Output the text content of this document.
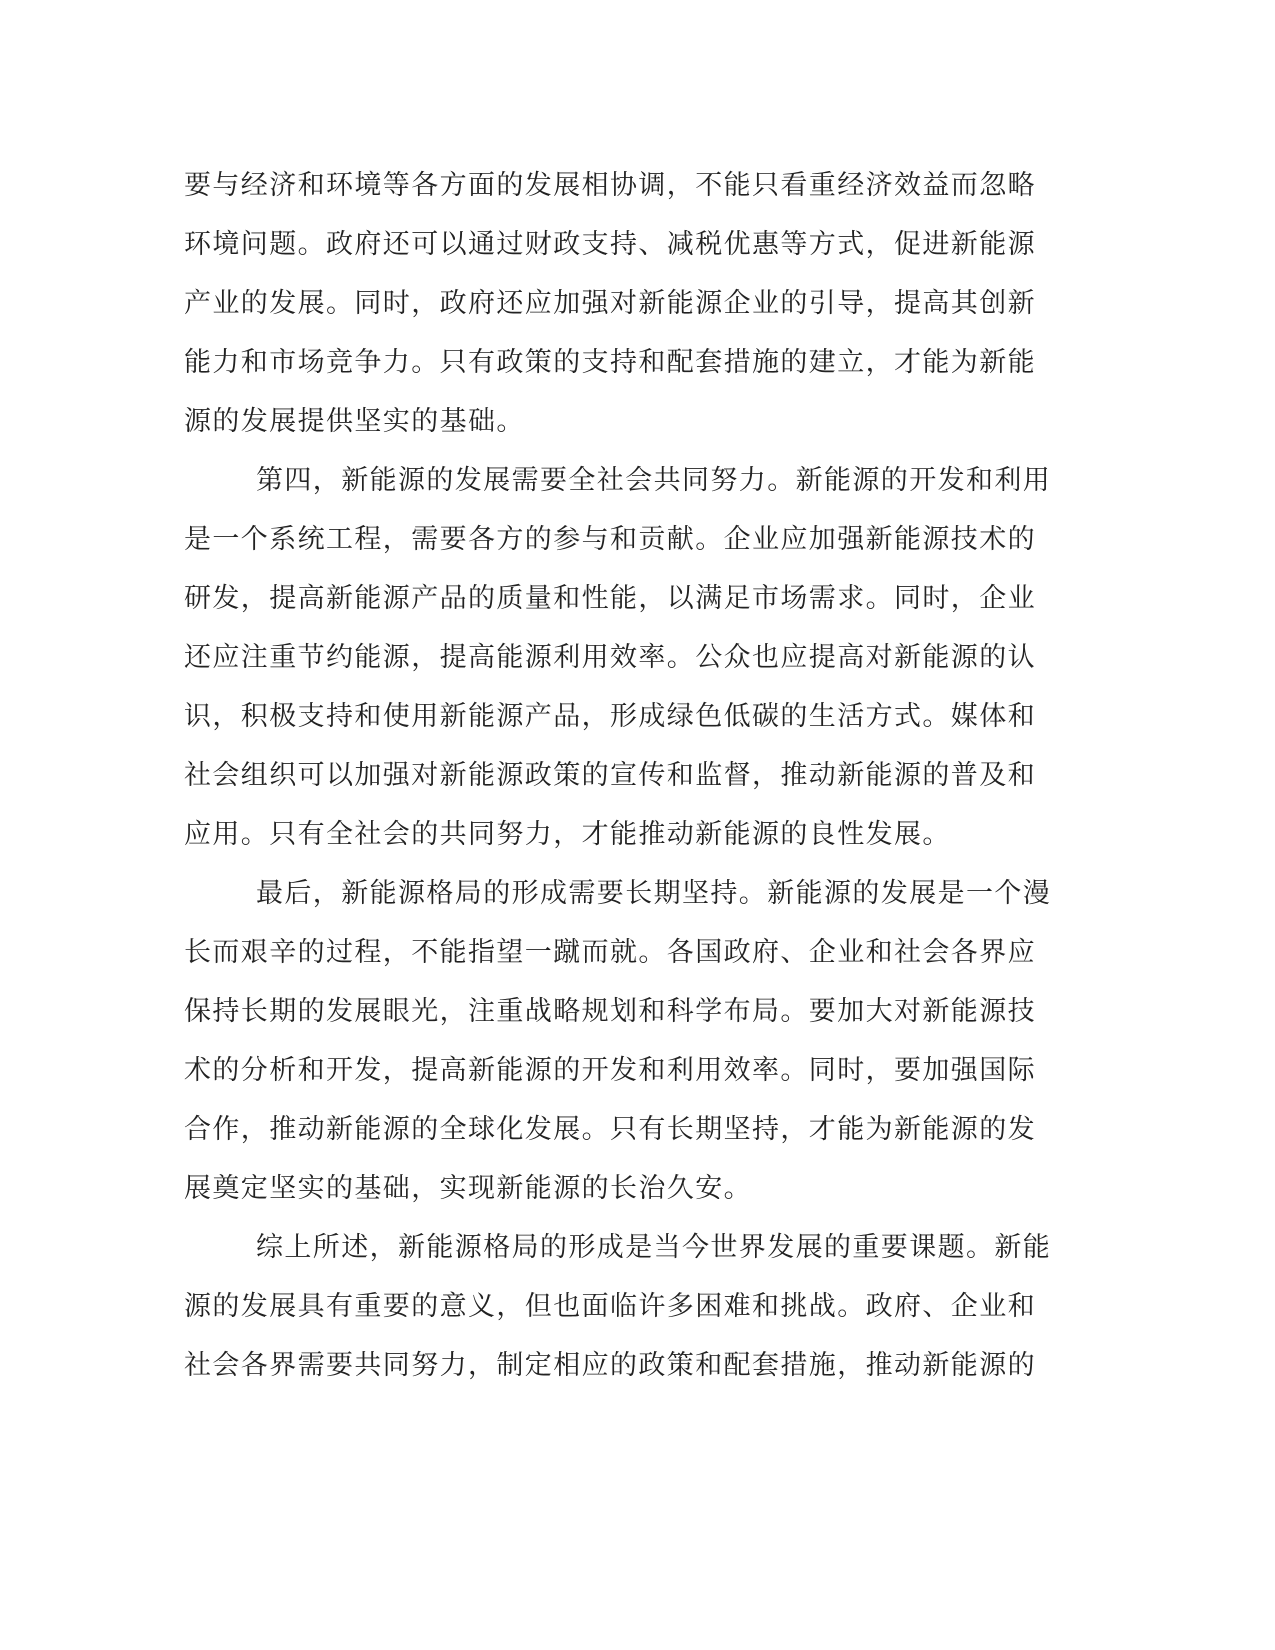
要与经济和环境等各方面的发展相协调，不能只看重经济效益而忽略
环境问题。政府还可以通过财政支持、减税优惠等方式，促进新能源
产业的发展。同时，政府还应加强对新能源企业的引导，提高其创新
能力和市场竞争力。只有政策的支持和配套措施的建立，才能为新能
源的发展提供坚实的基础。
第四，新能源的发展需要全社会共同努力。新能源的开发和利用
是一个系统工程，需要各方的参与和贡献。企业应加强新能源技术的
研发，提高新能源产品的质量和性能，以满足市场需求。同时，企业
还应注重节约能源，提高能源利用效率。公众也应提高对新能源的认
识，积极支持和使用新能源产品，形成绿色低碳的生活方式。媒体和
社会组织可以加强对新能源政策的宣传和监督，推动新能源的普及和
应用。只有全社会的共同努力，才能推动新能源的良性发展。
最后，新能源格局的形成需要长期坚持。新能源的发展是一个漫
长而艰辛的过程，不能指望一蹴而就。各国政府、企业和社会各界应
保持长期的发展眼光，注重战略规划和科学布局。要加大对新能源技
术的分析和开发，提高新能源的开发和利用效率。同时，要加强国际
合作，推动新能源的全球化发展。只有长期坚持，才能为新能源的发
展奠定坚实的基础，实现新能源的长治久安。
综上所述，新能源格局的形成是当今世界发展的重要课题。新能
源的发展具有重要的意义，但也面临许多困难和挑战。政府、企业和
社会各界需要共同努力，制定相应的政策和配套措施，推动新能源的
